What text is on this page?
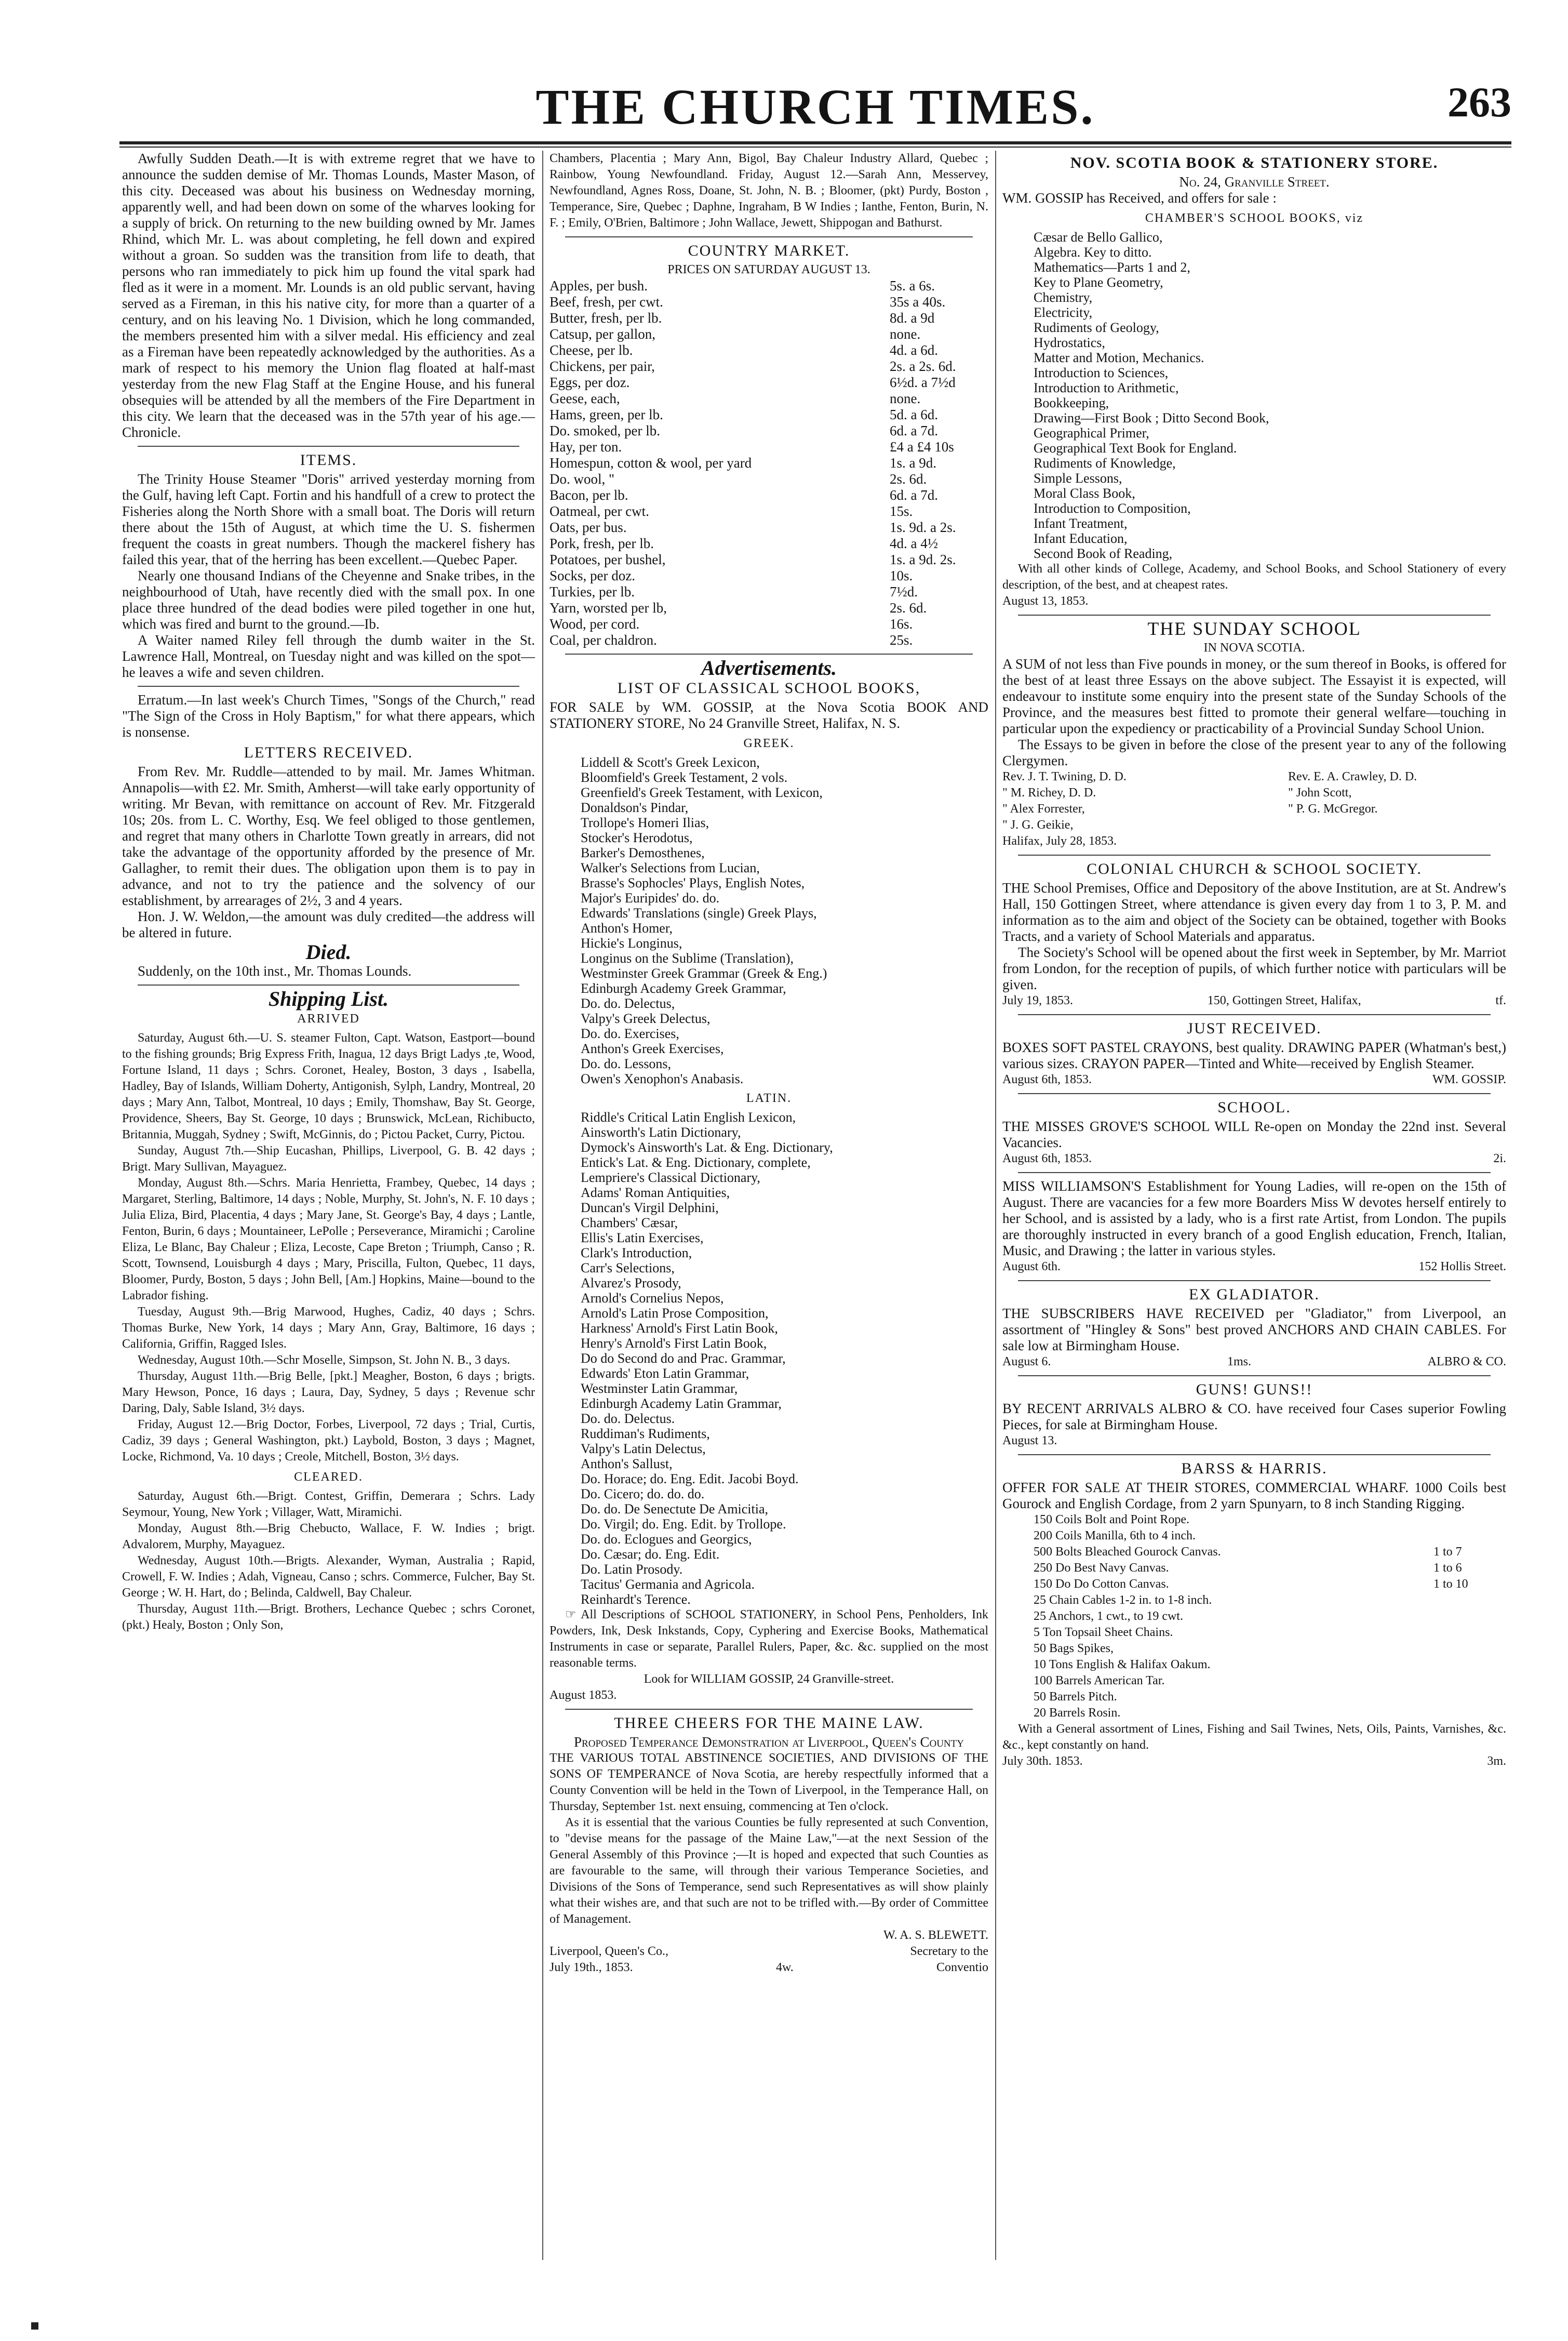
THE CHURCH TIMES.	263

Awfully Sudden Death.—It is with extreme regret that we have to announce the sudden demise of Mr. Thomas Lounds, Master Mason, of this city. Deceased was about his business on Wednesday morning, apparently well, and had been down on some of the wharves looking for a supply of brick. On returning to the new building owned by Mr. James Rhind, which Mr. L. was about completing, he fell down and expired without a groan. So sudden was the transition from life to death, that persons who ran immediately to pick him up found the vital spark had fled as it were in a moment. Mr. Lounds is an old public servant, having served as a Fireman, in this his native city, for more than a quarter of a century, and on his leaving No. 1 Division, which he long commanded, the members presented him with a silver medal. His efficiency and zeal as a Fireman have been repeatedly acknowledged by the authorities. As a mark of respect to his memory the Union flag floated at half-mast yesterday from the new Flag Staff at the Engine House, and his funeral obsequies will be attended by all the members of the Fire Department in this city. We learn that the deceased was in the 57th year of his age.—Chronicle.

ITEMS.

The Trinity House Steamer "Doris" arrived yesterday morning from the Gulf, having left Capt. Fortin and his handfull of a crew to protect the Fisheries along the North Shore with a small boat. The Doris will return there about the 15th of August, at which time the U. S. fishermen frequent the coasts in great numbers. Though the mackerel fishery has failed this year, that of the herring has been excellent.—Quebec Paper.

Nearly one thousand Indians of the Cheyenne and Snake tribes, in the neighbourhood of Utah, have recently died with the small pox. In one place three hundred of the dead bodies were piled together in one hut, which was fired and burnt to the ground.—Ib.

A Waiter named Riley fell through the dumb waiter in the St. Lawrence Hall, Montreal, on Tuesday night and was killed on the spot—he leaves a wife and seven children.

Erratum.—In last week's Church Times, "Songs of the Church," read "The Sign of the Cross in Holy Baptism," for what there appears, which is nonsense.

LETTERS RECEIVED.

From Rev. Mr. Ruddle—attended to by mail. Mr. James Whitman. Annapolis—with £2. Mr. Smith, Amherst—will take early opportunity of writing. Mr Bevan, with remittance on account of Rev. Mr. Fitzgerald 10s; 20s. from L. C. Worthy, Esq. We feel obliged to those gentlemen, and regret that many others in Charlotte Town greatly in arrears, did not take the advantage of the opportunity afforded by the presence of Mr. Gallagher, to remit their dues. The obligation upon them is to pay in advance, and not to try the patience and the solvency of our establishment, by arrearages of 2½, 3 and 4 years.

Hon. J. W. Weldon,—the amount was duly credited—the address will be altered in future.

Died.

Suddenly, on the 10th inst., Mr. Thomas Lounds.

Shipping List.
ARRIVED

Saturday, August 6th.—U. S. steamer Fulton, Capt. Watson, Eastport—bound to the fishing grounds; Brig Express Frith, Inagua, 12 days Brigt Ladys ,te, Wood, Fortune Island, 11 days ; Schrs. Coronet, Healey, Boston, 3 days , Isabella, Hadley, Bay of Islands, William Doherty, Antigonish, Sylph, Landry, Montreal, 20 days ; Mary Ann, Talbot, Montreal, 10 days ; Emily, Thomshaw, Bay St. George, Providence, Sheers, Bay St. George, 10 days ; Brunswick, McLean, Richibucto, Britannia, Muggah, Sydney ; Swift, McGinnis, do ; Pictou Packet, Curry, Pictou.

Sunday, August 7th.—Ship Eucashan, Phillips, Liverpool, G. B. 42 days ; Brigt. Mary Sullivan, Mayaguez.

Monday, August 8th.—Schrs. Maria Henrietta, Frambey, Quebec, 14 days ; Margaret, Sterling, Baltimore, 14 days ; Noble, Murphy, St. John's, N. F. 10 days ; Julia Eliza, Bird, Placentia, 4 days ; Mary Jane, St. George's Bay, 4 days ; Lantle, Fenton, Burin, 6 days ; Mountaineer, LePolle ; Perseverance, Miramichi ; Caroline Eliza, Le Blanc, Bay Chaleur ; Eliza, Lecoste, Cape Breton ; Triumph, Canso ; R. Scott, Townsend, Louisburgh 4 days ; Mary, Priscilla, Fulton, Quebec, 11 days, Bloomer, Purdy, Boston, 5 days ; John Bell, [Am.] Hopkins, Maine—bound to the Labrador fishing.

Tuesday, August 9th.—Brig Marwood, Hughes, Cadiz, 40 days ; Schrs. Thomas Burke, New York, 14 days ; Mary Ann, Gray, Baltimore, 16 days ; California, Griffin, Ragged Isles.

Wednesday, August 10th.—Schr Moselle, Simpson, St. John N. B., 3 days.

Thursday, August 11th.—Brig Belle, [pkt.] Meagher, Boston, 6 days ; brigts. Mary Hewson, Ponce, 16 days ; Laura, Day, Sydney, 5 days ; Revenue schr Daring, Daly, Sable Island, 3½ days.

Friday, August 12.—Brig Doctor, Forbes, Liverpool, 72 days ; Trial, Curtis, Cadiz, 39 days ; General Washington, pkt.) Laybold, Boston, 3 days ; Magnet, Locke, Richmond, Va. 10 days ; Creole, Mitchell, Boston, 3½ days.

CLEARED.

Saturday, August 6th.—Brigt. Contest, Griffin, Demerara ; Schrs. Lady Seymour, Young, New York ; Villager, Watt, Miramichi.

Monday, August 8th.—Brig Chebucto, Wallace, F. W. Indies ; brigt. Advalorem, Murphy, Mayaguez.

Wednesday, August 10th.—Brigts. Alexander, Wyman, Australia ; Rapid, Crowell, F. W. Indies ; Adah, Vigneau, Canso ; schrs. Commerce, Fulcher, Bay St. George ; W. H. Hart, do ; Belinda, Caldwell, Bay Chaleur.

Thursday, August 11th.—Brigt. Brothers, Lechance Quebec ; schrs Coronet, (pkt.) Healy, Boston ; Only Son,

Chambers, Placentia ; Mary Ann, Bigol, Bay Chaleur Industry Allard, Quebec ; Rainbow, Young Newfoundland. Friday, August 12.—Sarah Ann, Messervey, Newfoundland, Agnes Ross, Doane, St. John, N. B. ; Bloomer, (pkt) Purdy, Boston , Temperance, Sire, Quebec ; Daphne, Ingraham, B W Indies ; Ianthe, Fenton, Burin, N. F. ; Emily, O'Brien, Baltimore ; John Wallace, Jewett, Shippogan and Bathurst.

COUNTRY MARKET.
PRICES ON SATURDAY AUGUST 13.
Apples, per bush.	5s. a 6s.
Beef, fresh, per cwt.	35s a 40s.
Butter, fresh, per lb.	8d. a 9d
Catsup, per gallon,	none.
Cheese, per lb.	4d. a 6d.
Chickens, per pair,	2s. a 2s. 6d.
Eggs, per doz.	6½d. a 7½d
Geese, each,	none.
Hams, green, per lb.	5d. a 6d.
Do. smoked, per lb.	6d. a 7d.
Hay, per ton.	£4 a £4 10s
Homespun, cotton & wool, per yard	1s. a 9d.
Do. wool, "	2s. 6d.
Bacon, per lb.	6d. a 7d.
Oatmeal, per cwt.	15s.
Oats, per bus.	1s. 9d. a 2s.
Pork, fresh, per lb.	4d. a 4½
Potatoes, per bushel,	1s. a 9d. 2s.
Socks, per doz.	10s.
Turkies, per lb.	7½d.
Yarn, worsted per lb,	2s. 6d.
Wood, per cord.	16s.
Coal, per chaldron.	25s.
Advertisements.
LIST OF CLASSICAL SCHOOL BOOKS,

FOR SALE by WM. GOSSIP, at the Nova Scotia BOOK AND STATIONERY STORE, No 24 Granville Street, Halifax, N. S.

GREEK.
Liddell & Scott's Greek Lexicon,
Bloomfield's Greek Testament, 2 vols.
Greenfield's Greek Testament, with Lexicon,
Donaldson's Pindar,
Trollope's Homeri Ilias,
Stocker's Herodotus,
Barker's Demosthenes,
Walker's Selections from Lucian,
Brasse's Sophocles' Plays, English Notes,
Major's Euripides' do. do.
Edwards' Translations (single) Greek Plays,
Anthon's Homer,
Hickie's Longinus,
Longinus on the Sublime (Translation),
Westminster Greek Grammar (Greek & Eng.)
Edinburgh Academy Greek Grammar,
Do. do. Delectus,
Valpy's Greek Delectus,
Do. do. Exercises,
Anthon's Greek Exercises,
Do. do. Lessons,
Owen's Xenophon's Anabasis.
LATIN.
Riddle's Critical Latin English Lexicon,
Ainsworth's Latin Dictionary,
Dymock's Ainsworth's Lat. & Eng. Dictionary,
Entick's Lat. & Eng. Dictionary, complete,
Lempriere's Classical Dictionary,
Adams' Roman Antiquities,
Duncan's Virgil Delphini,
Chambers' Cæsar,
Ellis's Latin Exercises,
Clark's Introduction,
Carr's Selections,
Alvarez's Prosody,
Arnold's Cornelius Nepos,
Arnold's Latin Prose Composition,
Harkness' Arnold's First Latin Book,
Henry's Arnold's First Latin Book,
Do do Second do and Prac. Grammar,
Edwards' Eton Latin Grammar,
Westminster Latin Grammar,
Edinburgh Academy Latin Grammar,
Do. do. Delectus.
Ruddiman's Rudiments,
Valpy's Latin Delectus,
Anthon's Sallust,
Do. Horace; do. Eng. Edit. Jacobi Boyd.
Do. Cicero; do. do. do.
Do. do. De Senectute De Amicitia,
Do. Virgil; do. Eng. Edit. by Trollope.
Do. do. Eclogues and Georgics,
Do. Cæsar; do. Eng. Edit.
Do. Latin Prosody.
Tacitus' Germania and Agricola.
Reinhardt's Terence.

☞ All Descriptions of SCHOOL STATIONERY, in School Pens, Penholders, Ink Powders, Ink, Desk Inkstands, Copy, Cyphering and Exercise Books, Mathematical Instruments in case or separate, Parallel Rulers, Paper, &c. &c. supplied on the most reasonable terms.

Look for WILLIAM GOSSIP, 24 Granville-street.

August 1853.

THREE CHEERS FOR THE MAINE LAW.
Proposed Temperance Demonstration at Liverpool, Queen's County

THE VARIOUS TOTAL ABSTINENCE SOCIETIES, AND DIVISIONS OF THE SONS OF TEMPERANCE of Nova Scotia, are hereby respectfully informed that a County Convention will be held in the Town of Liverpool, in the Temperance Hall, on Thursday, September 1st. next ensuing, commencing at Ten o'clock.

As it is essential that the various Counties be fully represented at such Convention, to "devise means for the passage of the Maine Law,"—at the next Session of the General Assembly of this Province ;—It is hoped and expected that such Counties as are favourable to the same, will through their various Temperance Societies, and Divisions of the Sons of Temperance, send such Representatives as will show plainly what their wishes are, and that such are not to be trifled with.—By order of Committee of Management.

W. A. S. BLEWETT.

Liverpool, Queen's Co.,	Secretary to the
July 19th., 1853.	4w.	Conventio
NOV. SCOTIA BOOK & STATIONERY STORE.
No. 24, Granville Street.

WM. GOSSIP has Received, and offers for sale :

CHAMBER'S SCHOOL BOOKS, viz
Cæsar de Bello Gallico,
Algebra. Key to ditto.
Mathematics—Parts 1 and 2,
Key to Plane Geometry,
Chemistry,
Electricity,
Rudiments of Geology,
Hydrostatics,
Matter and Motion, Mechanics.
Introduction to Sciences,
Introduction to Arithmetic,
Bookkeeping,
Drawing—First Book ; Ditto Second Book,
Geographical Primer,
Geographical Text Book for England.
Rudiments of Knowledge,
Simple Lessons,
Moral Class Book,
Introduction to Composition,
Infant Treatment,
Infant Education,
Second Book of Reading,

With all other kinds of College, Academy, and School Books, and School Stationery of every description, of the best, and at cheapest rates.

August 13, 1853.

THE SUNDAY SCHOOL
IN NOVA SCOTIA.

A SUM of not less than Five pounds in money, or the sum thereof in Books, is offered for the best of at least three Essays on the above subject. The Essayist it is expected, will endeavour to institute some enquiry into the present state of the Sunday Schools of the Province, and the measures best fitted to promote their general welfare—touching in particular upon the expediency or practicability of a Provincial Sunday School Union.

The Essays to be given in before the close of the present year to any of the following Clergymen.

Rev. J. T. Twining, D. D.	Rev. E. A. Crawley, D. D.
" M. Richey, D. D.	" John Scott,
" Alex Forrester,	" P. G. McGregor.
" J. G. Geikie,

Halifax, July 28, 1853.

COLONIAL CHURCH & SCHOOL SOCIETY.

THE School Premises, Office and Depository of the above Institution, are at St. Andrew's Hall, 150 Gottingen Street, where attendance is given every day from 1 to 3, P. M. and information as to the aim and object of the Society can be obtained, together with Books Tracts, and a variety of School Materials and apparatus.

The Society's School will be opened about the first week in September, by Mr. Marriot from London, for the reception of pupils, of which further notice with particulars will be given.

July 19, 1853.	150, Gottingen Street, Halifax,	tf.
JUST RECEIVED.

BOXES SOFT PASTEL CRAYONS, best quality. DRAWING PAPER (Whatman's best,) various sizes. CRAYON PAPER—Tinted and White—received by English Steamer.

August 6th, 1853.	WM. GOSSIP.
SCHOOL.

THE MISSES GROVE'S SCHOOL WILL Re-open on Monday the 22nd inst. Several Vacancies.

August 6th, 1853.	2i.

MISS WILLIAMSON'S Establishment for Young Ladies, will re-open on the 15th of August. There are vacancies for a few more Boarders Miss W devotes herself entirely to her School, and is assisted by a lady, who is a first rate Artist, from London. The pupils are thoroughly instructed in every branch of a good English education, French, Italian, Music, and Drawing ; the latter in various styles.

August 6th.	152 Hollis Street.
EX GLADIATOR.

THE SUBSCRIBERS HAVE RECEIVED per "Gladiator," from Liverpool, an assortment of "Hingley & Sons" best proved ANCHORS AND CHAIN CABLES. For sale low at Birmingham House.

August 6.	1ms.	ALBRO & CO.
GUNS! GUNS!!

BY RECENT ARRIVALS ALBRO & CO. have received four Cases superior Fowling Pieces, for sale at Birmingham House.

August 13.

BARSS & HARRIS.

OFFER FOR SALE AT THEIR STORES, COMMERCIAL WHARF. 1000 Coils best Gourock and English Cordage, from 2 yarn Spunyarn, to 8 inch Standing Rigging.

150 Coils Bolt and Point Rope.
200 Coils Manilla, 6th to 4 inch.
500 Bolts Bleached Gourock Canvas.	1 to 7
250 Do Best Navy Canvas.	1 to 6
150 Do Do Cotton Canvas.	1 to 10
25 Chain Cables 1-2 in. to 1-8 inch.
25 Anchors, 1 cwt., to 19 cwt.
5 Ton Topsail Sheet Chains.
50 Bags Spikes,
10 Tons English & Halifax Oakum.
100 Barrels American Tar.
50 Barrels Pitch.
20 Barrels Rosin.

With a General assortment of Lines, Fishing and Sail Twines, Nets, Oils, Paints, Varnishes, &c. &c., kept constantly on hand.

July 30th. 1853.	3m.
